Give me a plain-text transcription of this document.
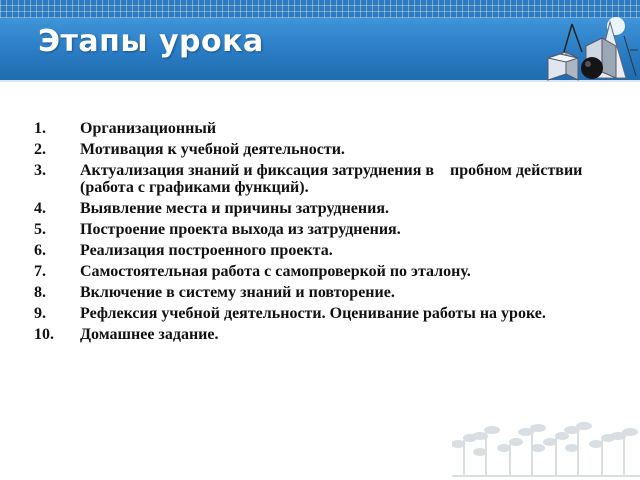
Этапы урока
1.	Организационный
2.	Мотивация к учебной деятельности.
3.	Актуализация знаний и фиксация затруднения в    пробном действии (работа с графиками функций).
4.	Выявление места и причины затруднения.
5.	Построение проекта выхода из затруднения.
6.	Реализация построенного проекта.
7.	Самостоятельная работа с самопроверкой по эталону.
8.	Включение в систему знаний и повторение.
9.	Рефлексия учебной деятельности. Оценивание работы на уроке.
10.	Домашнее задание.
